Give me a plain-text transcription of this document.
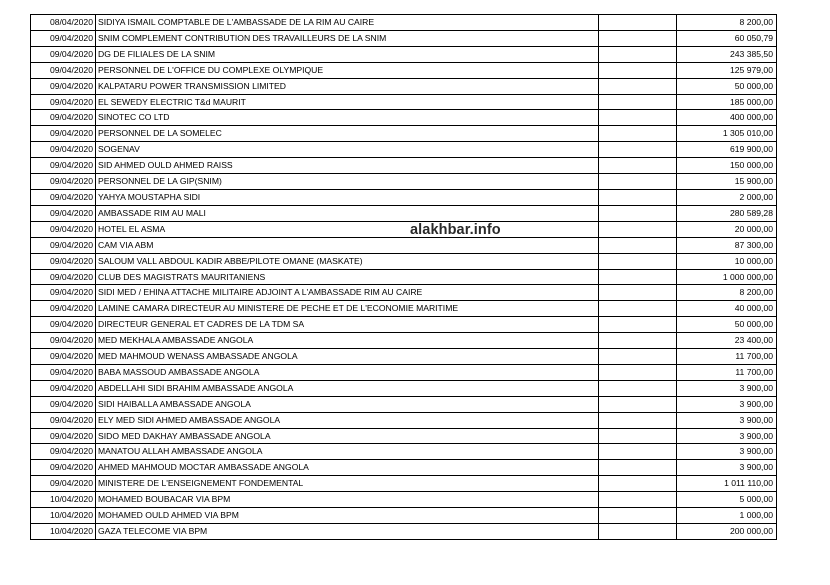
08/04/2020	SIDIYA ISMAIL COMPTABLE DE L'AMBASSADE DE LA RIM AU CAIRE		8 200,00
09/04/2020	SNIM COMPLEMENT CONTRIBUTION DES TRAVAILLEURS DE LA SNIM		60 050,79
09/04/2020	DG DE FILIALES DE LA SNIM		243 385,50
09/04/2020	PERSONNEL DE L'OFFICE DU COMPLEXE OLYMPIQUE		125 979,00
09/04/2020	KALPATARU POWER TRANSMISSION LIMITED		50 000,00
09/04/2020	EL SEWEDY ELECTRIC T&d MAURIT		185 000,00
09/04/2020	SINOTEC CO LTD		400 000,00
09/04/2020	PERSONNEL DE LA SOMELEC		1 305 010,00
09/04/2020	SOGENAV		619 900,00
09/04/2020	SID AHMED OULD AHMED RAISS		150 000,00
09/04/2020	PERSONNEL DE LA GIP(SNIM)		15 900,00
09/04/2020	YAHYA MOUSTAPHA SIDI		2 000,00
09/04/2020	AMBASSADE RIM AU MALI		280 589,28
09/04/2020	HOTEL EL ASMA		20 000,00
09/04/2020	CAM VIA ABM		87 300,00
09/04/2020	SALOUM VALL ABDOUL KADIR ABBE/PILOTE OMANE (MASKATE)		10 000,00
09/04/2020	CLUB DES MAGISTRATS MAURITANIENS		1 000 000,00
09/04/2020	SIDI MED / EHINA ATTACHE MILITAIRE ADJOINT A L'AMBASSADE RIM AU CAIRE		8 200,00
09/04/2020	LAMINE CAMARA DIRECTEUR AU MINISTERE DE PECHE ET DE L'ECONOMIE MARITIME		40 000,00
09/04/2020	DIRECTEUR GENERAL ET CADRES DE LA TDM SA		50 000,00
09/04/2020	MED MEKHALA AMBASSADE ANGOLA		23 400,00
09/04/2020	MED MAHMOUD WENASS AMBASSADE ANGOLA		11 700,00
09/04/2020	BABA MASSOUD AMBASSADE ANGOLA		11 700,00
09/04/2020	ABDELLAHI SIDI BRAHIM AMBASSADE ANGOLA		3 900,00
09/04/2020	SIDI HAIBALLA AMBASSADE ANGOLA		3 900,00
09/04/2020	ELY MED SIDI AHMED AMBASSADE ANGOLA		3 900,00
09/04/2020	SIDO MED DAKHAY AMBASSADE ANGOLA		3 900,00
09/04/2020	MANATOU ALLAH AMBASSADE ANGOLA		3 900,00
09/04/2020	AHMED MAHMOUD MOCTAR AMBASSADE ANGOLA		3 900,00
09/04/2020	MINISTERE DE L'ENSEIGNEMENT FONDEMENTAL		1 011 110,00
10/04/2020	MOHAMED BOUBACAR VIA BPM		5 000,00
10/04/2020	MOHAMED OULD AHMED VIA BPM		1 000,00
10/04/2020	GAZA TELECOME VIA BPM		200 000,00
alakhbar.info
